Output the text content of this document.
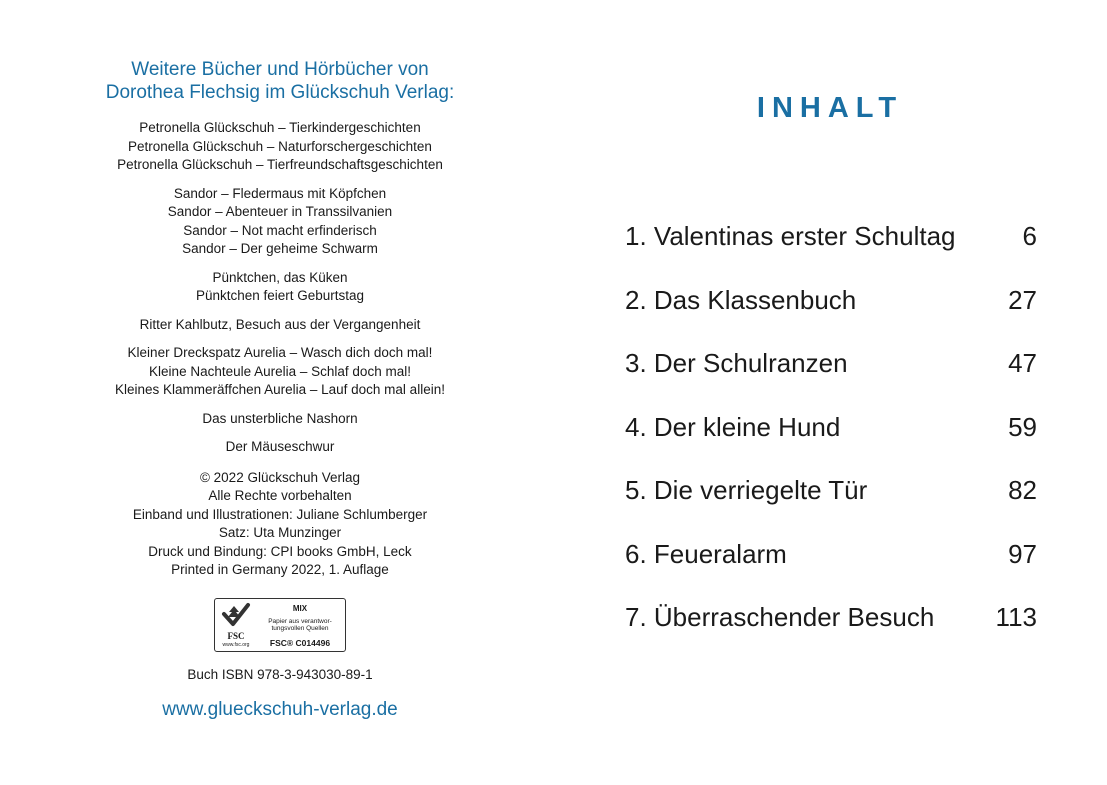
Weitere Bücher und Hörbücher von
Dorothea Flechsig im Glückschuh Verlag:
Petronella Glückschuh – Tierkindergeschichten
Petronella Glückschuh – Naturforschergeschichten
Petronella Glückschuh – Tierfreundschaftsgeschichten
Sandor – Fledermaus mit Köpfchen
Sandor – Abenteuer in Transsilvanien
Sandor – Not macht erfinderisch
Sandor – Der geheime Schwarm
Pünktchen, das Küken
Pünktchen feiert Geburtstag
Ritter Kahlbutz, Besuch aus der Vergangenheit
Kleiner Dreckspatz Aurelia – Wasch dich doch mal!
Kleine Nachteule Aurelia – Schlaf doch mal!
Kleines Klammeräffchen Aurelia – Lauf doch mal allein!
Das unsterbliche Nashorn
Der Mäuseschwur
© 2022 Glückschuh Verlag
Alle Rechte vorbehalten
Einband und Illustrationen: Juliane Schlumberger
Satz: Uta Munzinger
Druck und Bindung: CPI books GmbH, Leck
Printed in Germany 2022, 1. Auflage
FSC
www.fsc.org
MIX
Papier aus verantwor-
tungsvollen Quellen
FSC® C014496
Buch ISBN 978-3-943030-89-1
www.glueckschuh-verlag.de
INHALT
1. Valentinas erster Schultag	6
2. Das Klassenbuch	27
3. Der Schulranzen	47
4. Der kleine Hund	59
5. Die verriegelte Tür	82
6. Feueralarm	97
7. Überraschender Besuch 113
